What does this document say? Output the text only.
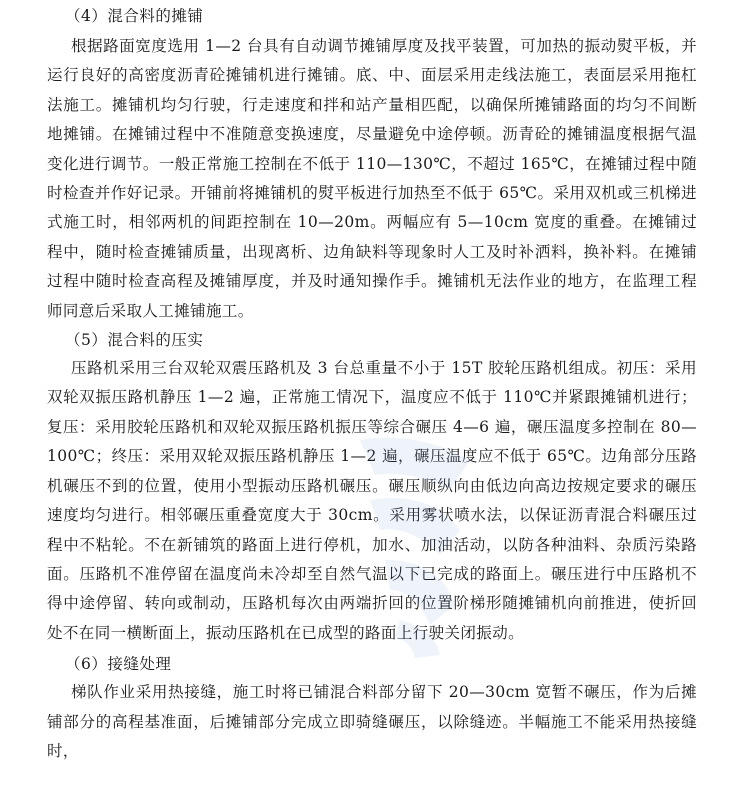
（4）混合料的摊铺

根据路面宽度选用 1—2 台具有自动调节摊铺厚度及找平装置，可加热的振动熨平板，并运行良好的高密度沥青砼摊铺机进行摊铺。底、中、面层采用走线法施工，表面层采用拖杠法施工。摊铺机均匀行驶，行走速度和拌和站产量相匹配，以确保所摊铺路面的均匀不间断地摊铺。在摊铺过程中不准随意变换速度，尽量避免中途停顿。沥青砼的摊铺温度根据气温变化进行调节。一般正常施工控制在不低于 110—130℃，不超过 165℃，在摊铺过程中随时检查并作好记录。开铺前将摊铺机的熨平板进行加热至不低于 65℃。采用双机或三机梯进式施工时，相邻两机的间距控制在 10—20m。两幅应有 5—10cm 宽度的重叠。在摊铺过程中，随时检查摊铺质量，出现离析、边角缺料等现象时人工及时补洒料，换补料。在摊铺过程中随时检查高程及摊铺厚度，并及时通知操作手。摊铺机无法作业的地方，在监理工程师同意后采取人工摊铺施工。

（5）混合料的压实

压路机采用三台双轮双震压路机及 3 台总重量不小于 15T 胶轮压路机组成。初压：采用双轮双振压路机静压 1—2 遍，正常施工情况下，温度应不低于 110℃并紧跟摊铺机进行；复压：采用胶轮压路机和双轮双振压路机振压等综合碾压 4—6 遍，碾压温度多控制在 80—100℃；终压：采用双轮双振压路机静压 1—2 遍，碾压温度应不低于 65℃。边角部分压路机碾压不到的位置，使用小型振动压路机碾压。碾压顺纵向由低边向高边按规定要求的碾压速度均匀进行。相邻碾压重叠宽度大于 30cm。采用雾状喷水法，以保证沥青混合料碾压过程中不粘轮。不在新铺筑的路面上进行停机，加水、加油活动，以防各种油料、杂质污染路面。压路机不准停留在温度尚未冷却至自然气温以下已完成的路面上。碾压进行中压路机不得中途停留、转向或制动，压路机每次由两端折回的位置阶梯形随摊铺机向前推进，使折回处不在同一横断面上，振动压路机在已成型的路面上行驶关闭振动。

（6）接缝处理

梯队作业采用热接缝，施工时将已铺混合料部分留下 20—30cm 宽暂不碾压，作为后摊铺部分的高程基准面，后摊铺部分完成立即骑缝碾压，以除缝迹。半幅施工不能采用热接缝时，
